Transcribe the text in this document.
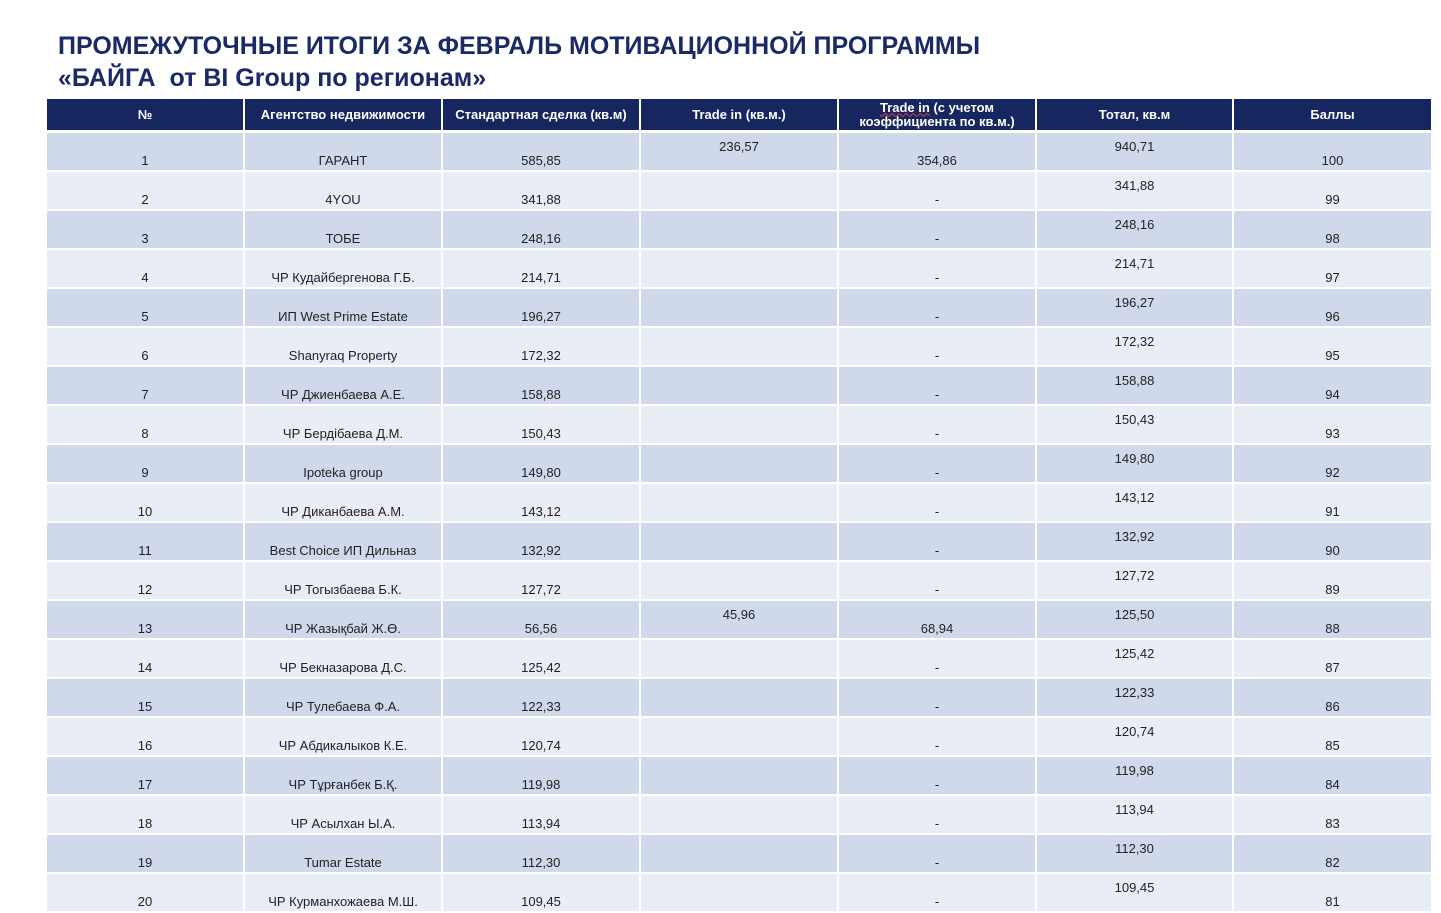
ПРОМЕЖУТОЧНЫЕ ИТОГИ ЗА ФЕВРАЛЬ МОТИВАЦИОННОЙ ПРОГРАММЫ
«БАЙГА  от BI Group по регионам»
№	Агентство недвижимости	Стандартная сделка (кв.м)	Trade in (кв.м.)	Trade in (с учетом
коэффициента по кв.м.)	Тотал, кв.м	Баллы

1	ГАРАНТ	585,85	236,57	354,86	940,71	100
2	4YOU	341,88		-	341,88	99
3	ТОБЕ	248,16		-	248,16	98
4	ЧР Кудайбергенова Г.Б.	214,71		-	214,71	97
5	ИП West Prime Estate	196,27		-	196,27	96
6	Shanyraq Property	172,32		-	172,32	95
7	ЧР Джиенбаева А.Е.	158,88		-	158,88	94
8	ЧР Бердібаева Д.М.	150,43		-	150,43	93
9	Ipoteka group	149,80		-	149,80	92
10	ЧР Диканбаева А.М.	143,12		-	143,12	91
11	Best Choice ИП Дильназ	132,92		-	132,92	90
12	ЧР Тогызбаева Б.К.	127,72		-	127,72	89
13	ЧР Жазықбай Ж.Ө.	56,56	45,96	68,94	125,50	88
14	ЧР Бекназарова Д.С.	125,42		-	125,42	87
15	ЧР Тулебаева Ф.А.	122,33		-	122,33	86
16	ЧР Абдикалыков К.Е.	120,74		-	120,74	85
17	ЧР Тұрғанбек Б.Қ.	119,98		-	119,98	84
18	ЧР Асылхан Ы.А.	113,94		-	113,94	83
19	Tumar Estate	112,30		-	112,30	82
20	ЧР Курманхожаева М.Ш.	109,45		-	109,45	81
